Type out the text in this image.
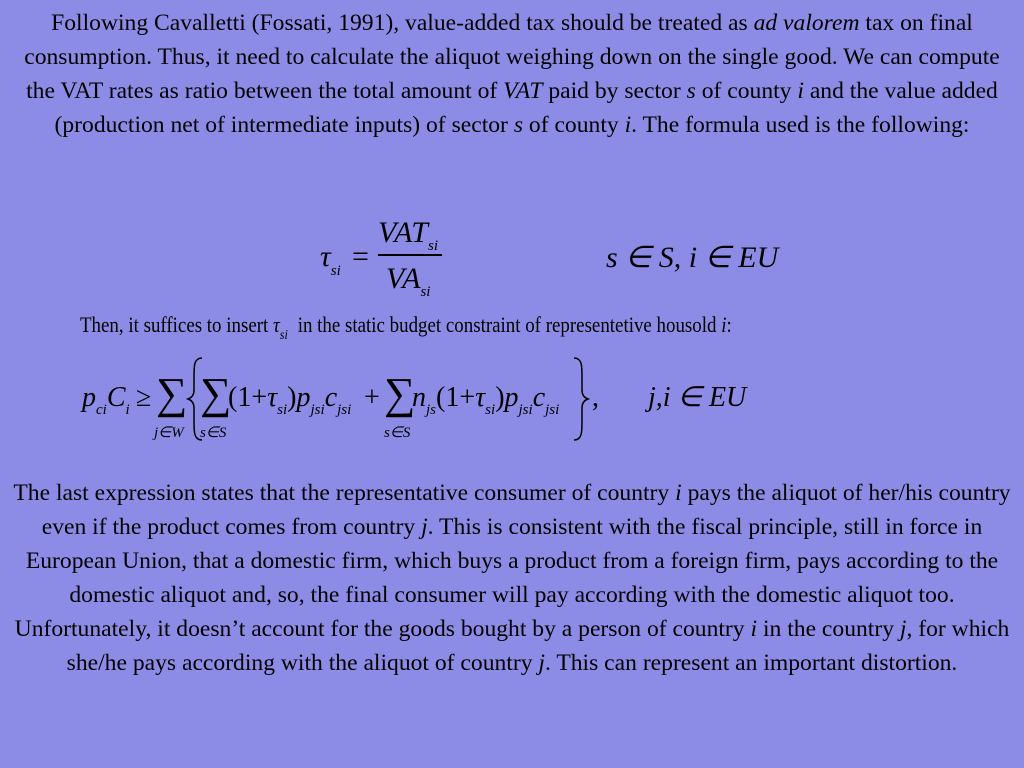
Following Cavalletti (Fossati, 1991), value-added tax should be treated as ad valorem tax on final consumption. Thus, it need to calculate the aliquot weighing down on the single good. We can compute the VAT rates as ratio between the total amount of VAT paid by sector s of county i and the value added (production net of intermediate inputs) of sector s of county i. The formula used is the following:
$\tau_{si}$ =
$VAT_{si}$
$VA_{si}$
s ∈ S, i ∈ EU
Then, it suffices to insert $\tau_{si}$ in the static budget constraint of representetive housold i:
$p_{ci}C_i$ ≥ ∑
j∈W
∑
s∈S
$(1+\tau_{si})p_{jsi}c_{jsi}$ + ∑
s∈S
$n_{js}(1+\tau_{si})p_{jsi}c_{jsi}$ , j,i ∈ EU
The last expression states that the representative consumer of country i pays the aliquot of her/his country even if the product comes from country j. This is consistent with the fiscal principle, still in force in European Union, that a domestic firm, which buys a product from a foreign firm, pays according to the domestic aliquot and, so, the final consumer will pay according with the domestic aliquot too. Unfortunately, it doesn’t account for the goods bought by a person of country i in the country j, for which she/he pays according with the aliquot of country j. This can represent an important distortion.
